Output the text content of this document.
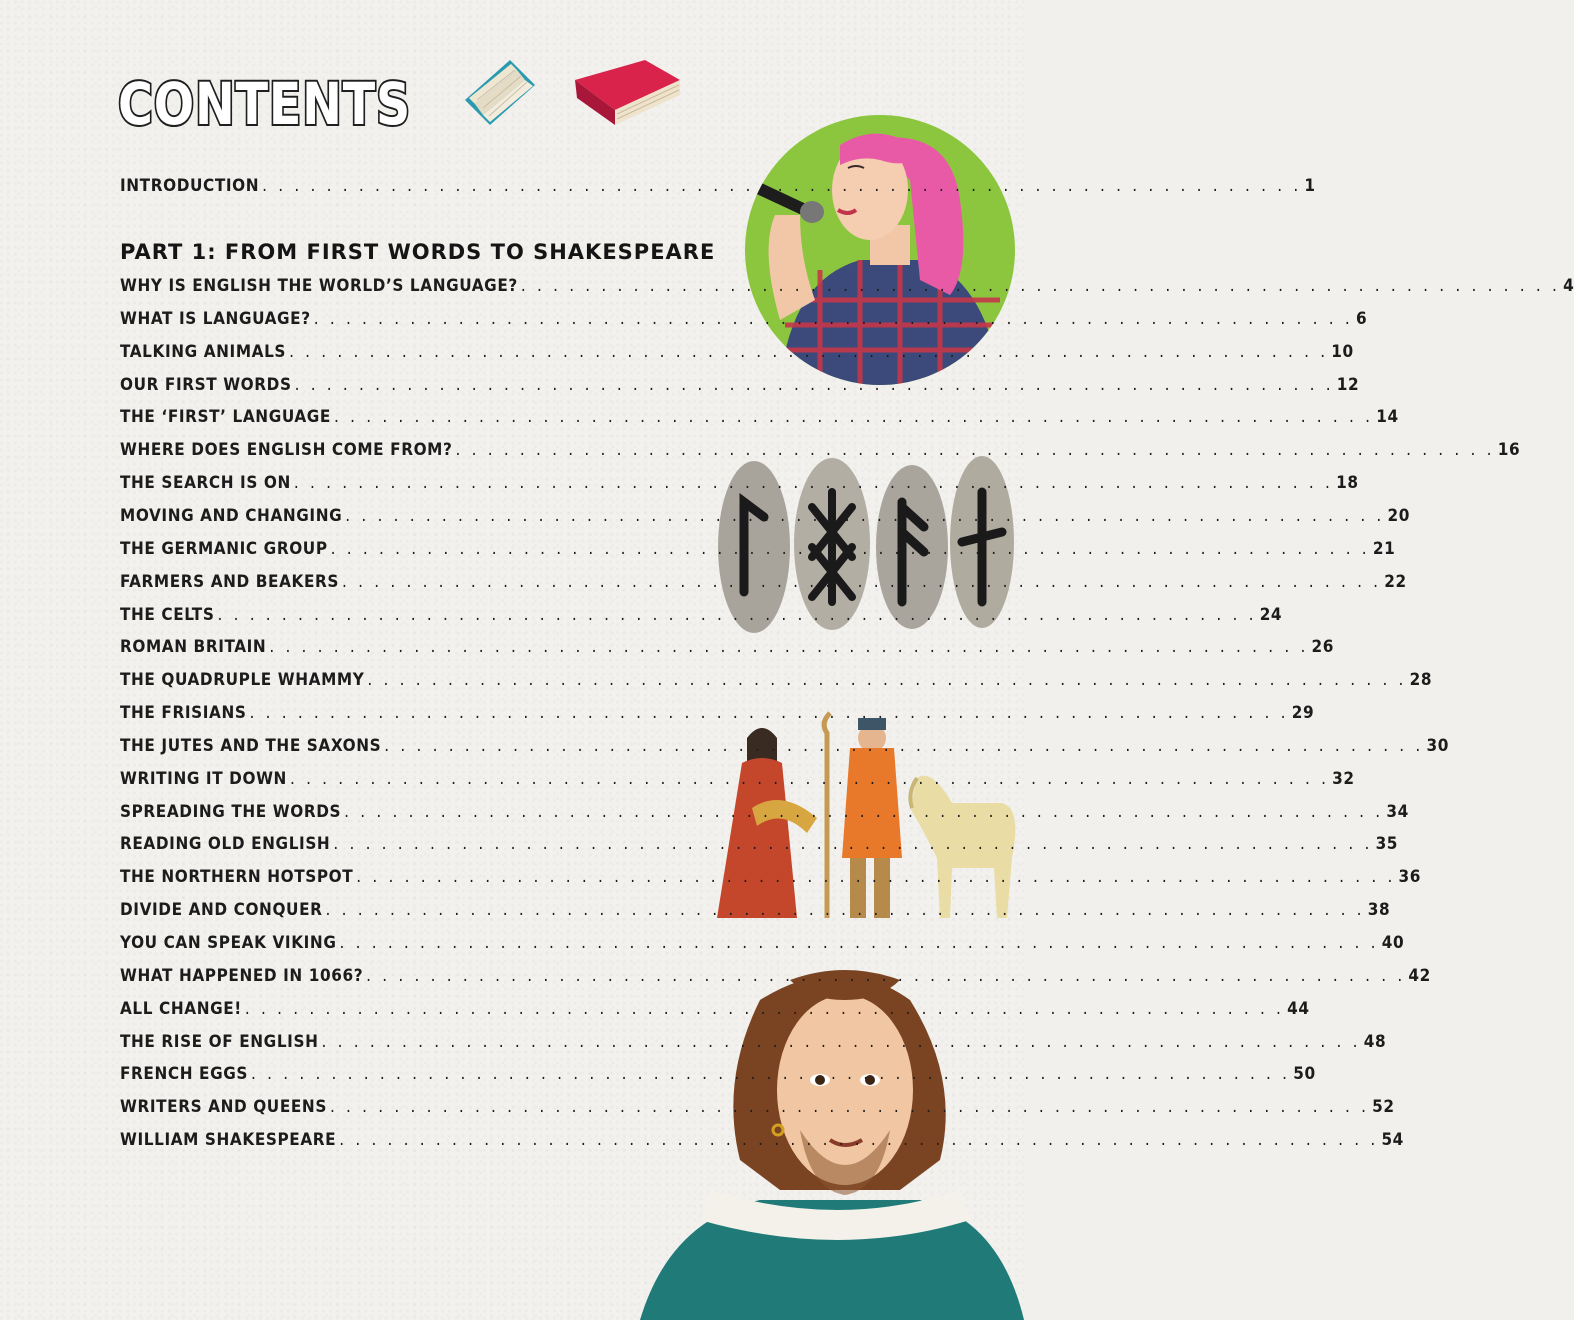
CONTENTS
PART 1: FROM FIRST WORDS TO SHAKESPEARE
INTRODUCTION . . . . . . . . . . . . . . . . . . . . . . . . . . . . . . . . . . . . . . . . . . . . . . . . . . . . . . . . . . . . . . . . . 1
WHY IS ENGLISH THE WORLD’S LANGUAGE? . . . . . . . . . . . . . . . . . . . . . . . . . . . . . . . . . . . . . . . . . . . . . . . . . . . . . . . . . . . . . . . . . 4
WHAT IS LANGUAGE? . . . . . . . . . . . . . . . . . . . . . . . . . . . . . . . . . . . . . . . . . . . . . . . . . . . . . . . . . . . . . . . . . 6
TALKING ANIMALS . . . . . . . . . . . . . . . . . . . . . . . . . . . . . . . . . . . . . . . . . . . . . . . . . . . . . . . . . . . . . . . . . 10
OUR FIRST WORDS . . . . . . . . . . . . . . . . . . . . . . . . . . . . . . . . . . . . . . . . . . . . . . . . . . . . . . . . . . . . . . . . . 12
THE ‘FIRST’ LANGUAGE . . . . . . . . . . . . . . . . . . . . . . . . . . . . . . . . . . . . . . . . . . . . . . . . . . . . . . . . . . . . . . . . . 14
WHERE DOES ENGLISH COME FROM? . . . . . . . . . . . . . . . . . . . . . . . . . . . . . . . . . . . . . . . . . . . . . . . . . . . . . . . . . . . . . . . . . 16
THE SEARCH IS ON . . . . . . . . . . . . . . . . . . . . . . . . . . . . . . . . . . . . . . . . . . . . . . . . . . . . . . . . . . . . . . . . . 18
MOVING AND CHANGING . . . . . . . . . . . . . . . . . . . . . . . . . . . . . . . . . . . . . . . . . . . . . . . . . . . . . . . . . . . . . . . . . 20
THE GERMANIC GROUP . . . . . . . . . . . . . . . . . . . . . . . . . . . . . . . . . . . . . . . . . . . . . . . . . . . . . . . . . . . . . . . . . 21
FARMERS AND BEAKERS . . . . . . . . . . . . . . . . . . . . . . . . . . . . . . . . . . . . . . . . . . . . . . . . . . . . . . . . . . . . . . . . . 22
THE CELTS . . . . . . . . . . . . . . . . . . . . . . . . . . . . . . . . . . . . . . . . . . . . . . . . . . . . . . . . . . . . . . . . . 24
ROMAN BRITAIN . . . . . . . . . . . . . . . . . . . . . . . . . . . . . . . . . . . . . . . . . . . . . . . . . . . . . . . . . . . . . . . . . 26
THE QUADRUPLE WHAMMY . . . . . . . . . . . . . . . . . . . . . . . . . . . . . . . . . . . . . . . . . . . . . . . . . . . . . . . . . . . . . . . . . 28
THE FRISIANS . . . . . . . . . . . . . . . . . . . . . . . . . . . . . . . . . . . . . . . . . . . . . . . . . . . . . . . . . . . . . . . . . 29
THE JUTES AND THE SAXONS . . . . . . . . . . . . . . . . . . . . . . . . . . . . . . . . . . . . . . . . . . . . . . . . . . . . . . . . . . . . . . . . . 30
WRITING IT DOWN . . . . . . . . . . . . . . . . . . . . . . . . . . . . . . . . . . . . . . . . . . . . . . . . . . . . . . . . . . . . . . . . . 32
SPREADING THE WORDS . . . . . . . . . . . . . . . . . . . . . . . . . . . . . . . . . . . . . . . . . . . . . . . . . . . . . . . . . . . . . . . . . 34
READING OLD ENGLISH . . . . . . . . . . . . . . . . . . . . . . . . . . . . . . . . . . . . . . . . . . . . . . . . . . . . . . . . . . . . . . . . . 35
THE NORTHERN HOTSPOT . . . . . . . . . . . . . . . . . . . . . . . . . . . . . . . . . . . . . . . . . . . . . . . . . . . . . . . . . . . . . . . . . 36
DIVIDE AND CONQUER . . . . . . . . . . . . . . . . . . . . . . . . . . . . . . . . . . . . . . . . . . . . . . . . . . . . . . . . . . . . . . . . . 38
YOU CAN SPEAK VIKING . . . . . . . . . . . . . . . . . . . . . . . . . . . . . . . . . . . . . . . . . . . . . . . . . . . . . . . . . . . . . . . . . 40
WHAT HAPPENED IN 1066? . . . . . . . . . . . . . . . . . . . . . . . . . . . . . . . . . . . . . . . . . . . . . . . . . . . . . . . . . . . . . . . . . 42
ALL CHANGE! . . . . . . . . . . . . . . . . . . . . . . . . . . . . . . . . . . . . . . . . . . . . . . . . . . . . . . . . . . . . . . . . . 44
THE RISE OF ENGLISH . . . . . . . . . . . . . . . . . . . . . . . . . . . . . . . . . . . . . . . . . . . . . . . . . . . . . . . . . . . . . . . . . 48
FRENCH EGGS . . . . . . . . . . . . . . . . . . . . . . . . . . . . . . . . . . . . . . . . . . . . . . . . . . . . . . . . . . . . . . . . . 50
WRITERS AND QUEENS . . . . . . . . . . . . . . . . . . . . . . . . . . . . . . . . . . . . . . . . . . . . . . . . . . . . . . . . . . . . . . . . . 52
WILLIAM SHAKESPEARE . . . . . . . . . . . . . . . . . . . . . . . . . . . . . . . . . . . . . . . . . . . . . . . . . . . . . . . . . . . . . . . . . 54
